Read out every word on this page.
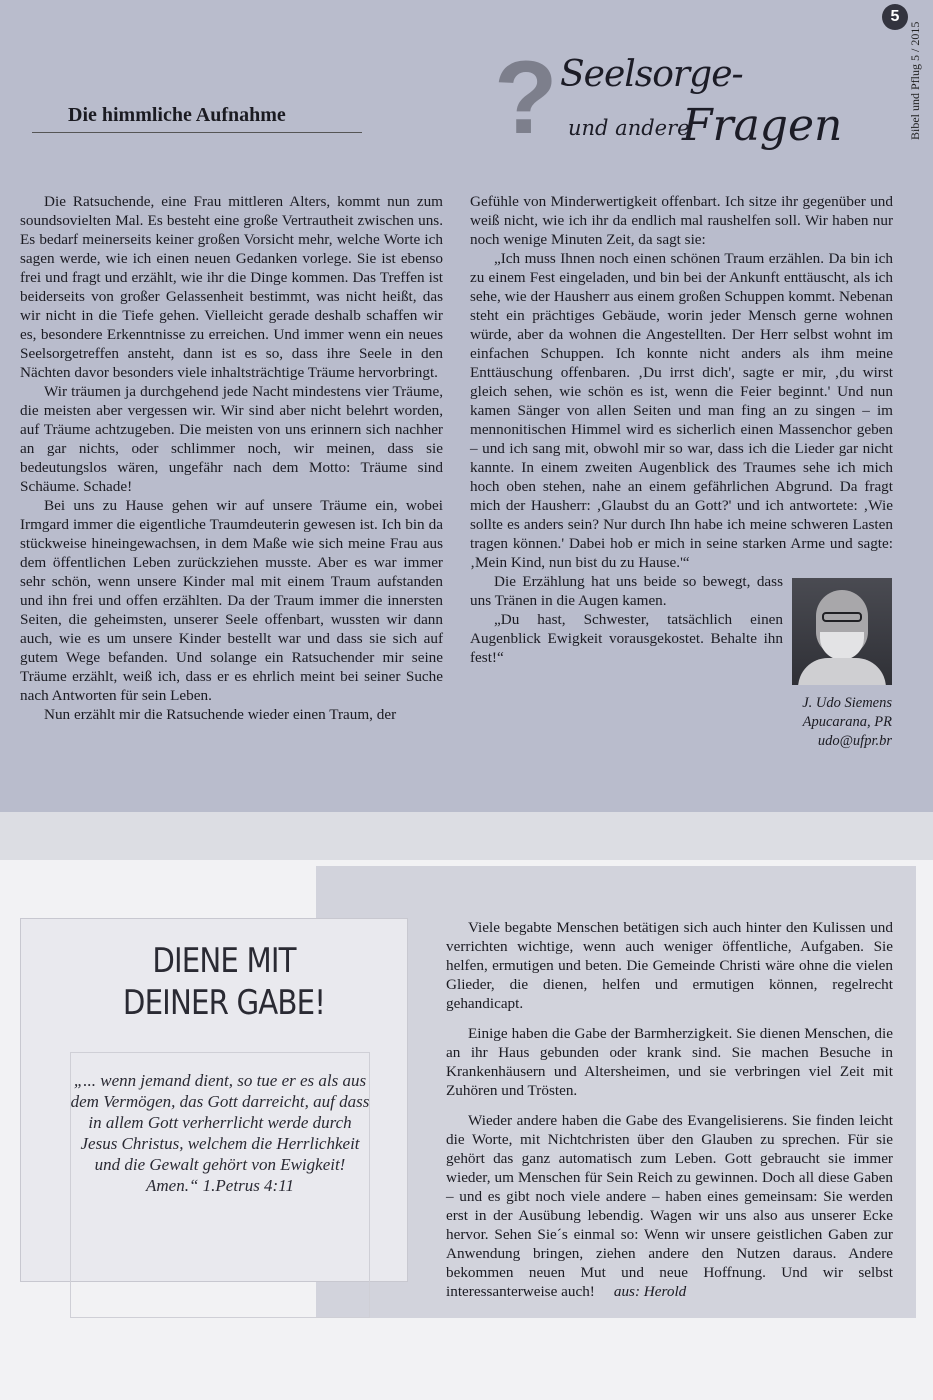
5
Bibel und Pflug 5 / 2015
Die himmliche Aufnahme ? Seelsorge-
und andere
Fragen

Die Ratsuchende, eine Frau mittleren Alters, kommt nun zum soundsovielten Mal. Es besteht eine große Vertrautheit zwischen uns. Es bedarf meinerseits keiner großen Vorsicht mehr, welche Worte ich sagen werde, wie ich einen neuen Gedanken vorlege. Sie ist ebenso frei und fragt und erzählt, wie ihr die Dinge kommen. Das Treffen ist beiderseits von großer Gelassenheit bestimmt, was nicht heißt, das wir nicht in die Tiefe gehen. Vielleicht gerade deshalb schaffen wir es, besondere Erkenntnisse zu erreichen. Und immer wenn ein neues Seelsorgetreffen ansteht, dann ist es so, dass ihre Seele in den Nächten davor besonders viele inhaltsträchtige Träume hervorbringt.

Wir träumen ja durchgehend jede Nacht mindestens vier Träume, die meisten aber vergessen wir. Wir sind aber nicht belehrt worden, auf Träume achtzugeben. Die meisten von uns erinnern sich nachher an gar nichts, oder schlimmer noch, wir meinen, dass sie bedeutungslos wären, ungefähr nach dem Motto: Träume sind Schäume. Schade!

Bei uns zu Hause gehen wir auf unsere Träume ein, wobei Irmgard immer die eigentliche Traumdeuterin gewesen ist. Ich bin da stückweise hineingewachsen, in dem Maße wie sich meine Frau aus dem öffentlichen Leben zurückziehen musste. Aber es war immer sehr schön, wenn unsere Kinder mal mit einem Traum aufstanden und ihn frei und offen erzählten. Da der Traum immer die innersten Seiten, die geheimsten, unserer Seele offenbart, wussten wir dann auch, wie es um unsere Kinder bestellt war und dass sie sich auf gutem Wege befanden. Und solange ein Ratsuchender mir seine Träume erzählt, weiß ich, dass er es ehrlich meint bei seiner Suche nach Antworten für sein Leben.

Nun erzählt mir die Ratsuchende wieder einen Traum, der

Gefühle von Minderwertigkeit offenbart. Ich sitze ihr gegenüber und weiß nicht, wie ich ihr da endlich mal raushelfen soll. Wir haben nur noch wenige Minuten Zeit, da sagt sie:

„Ich muss Ihnen noch einen schönen Traum erzählen. Da bin ich zu einem Fest eingeladen, und bin bei der Ankunft enttäuscht, als ich sehe, wie der Hausherr aus einem großen Schuppen kommt. Nebenan steht ein prächtiges Gebäude, worin jeder Mensch gerne wohnen würde, aber da wohnen die Angestellten. Der Herr selbst wohnt im einfachen Schuppen. Ich konnte nicht anders als ihm meine Enttäuschung offenbaren. ‚Du irrst dich', sagte er mir, ‚du wirst gleich sehen, wie schön es ist, wenn die Feier beginnt.' Und nun kamen Sänger von allen Seiten und man fing an zu singen – im mennonitischen Himmel wird es sicherlich einen Massenchor geben – und ich sang mit, obwohl mir so war, dass ich die Lieder gar nicht kannte. In einem zweiten Augenblick des Traumes sehe ich mich hoch oben stehen, nahe an einem gefährlichen Abgrund. Da fragt mich der Hausherr: ‚Glaubst du an Gott?' und ich antwortete: ‚Wie sollte es anders sein? Nur durch Ihn habe ich meine schweren Lasten tragen können.' Dabei hob er mich in seine starken Arme und sagte: ‚Mein Kind, nun bist du zu Hause.'“

Die Erzählung hat uns beide so bewegt, dass uns Tränen in die Augen kamen.

„Du hast, Schwester, tatsächlich einen Augenblick Ewigkeit vorausgekostet. Behalte ihn fest!“

J. Udo Siemens
Apucarana, PR
udo@ufpr.br
DIENE MIT
DEINER GABE!
„... wenn jemand dient, so tue er es als aus dem Vermögen, das Gott darreicht, auf dass in allem Gott verherrlicht werde durch Jesus Christus, welchem die Herrlichkeit und die Gewalt gehört von Ewigkeit! Amen.“ 1.Petrus 4:11

Viele begabte Menschen betätigen sich auch hinter den Kulissen und verrichten wichtige, wenn auch weniger öffentliche, Aufgaben. Sie helfen, ermutigen und beten. Die Gemeinde Christi wäre ohne die vielen Glieder, die dienen, helfen und ermutigen können, regelrecht gehandicapt.

Einige haben die Gabe der Barmherzigkeit. Sie dienen Menschen, die an ihr Haus gebunden oder krank sind. Sie machen Besuche in Krankenhäusern und Altersheimen, und sie verbringen viel Zeit mit Zuhören und Trösten.

Wieder andere haben die Gabe des Evangelisierens. Sie finden leicht die Worte, mit Nichtchristen über den Glauben zu sprechen. Für sie gehört das ganz automatisch zum Leben. Gott gebraucht sie immer wieder, um Menschen für Sein Reich zu gewinnen. Doch all diese Gaben – und es gibt noch viele andere – haben eines gemeinsam: Sie werden erst in der Ausübung lebendig. Wagen wir uns also aus unserer Ecke hervor. Sehen Sie´s einmal so: Wenn wir unsere geistlichen Gaben zur Anwendung bringen, ziehen andere den Nutzen daraus. Andere bekommen neuen Mut und neue Hoffnung. Und wir selbst interessanterweise auch! aus: Herold
